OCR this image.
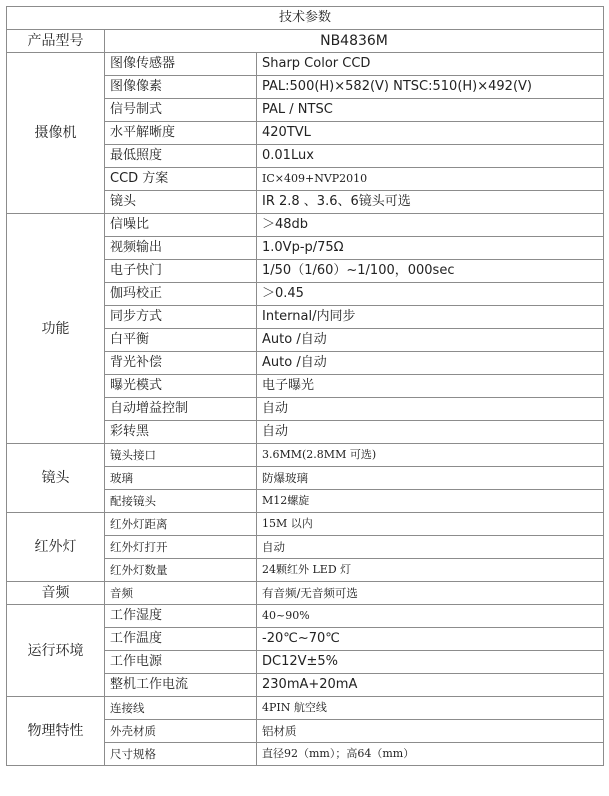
技术参数		
产品型号	NB4836M	
摄像机	图像传感器	Sharp Color CCD
	图像像素	PAL:500(H)×582(V) NTSC:510(H)×492(V)
	信号制式	PAL / NTSC
	水平解晰度	420TVL
	最低照度	0.01Lux
	CCD 方案	IC×409+NVP2010
	镜头	IR 2.8 、3.6、6镜头可选
功能	信噪比	＞48db
	视频输出	1.0Vp-p/75Ω
	电子快门	1/50（1/60）~1/100，000sec
	伽玛校正	＞0.45
	同步方式	Internal/内同步
	白平衡	Auto /自动
	背光补偿	Auto /自动
	曝光模式	电子曝光
	自动增益控制	自动
	彩转黑	自动
镜头	镜头接口	3.6MM(2.8MM 可选)
	玻璃	防爆玻璃
	配接镜头	M12螺旋
红外灯	红外灯距离	15M 以内
	红外灯打开	自动
	红外灯数量	24颗红外 LED 灯
音频	音频	有音频/无音频可选
运行环境	工作湿度	40~90%
	工作温度	-20℃~70℃
	工作电源	DC12V±5%
	整机工作电流	230mA+20mA
物理特性	连接线	4PIN 航空线
	外壳材质	铝材质
	尺寸规格	直径92（mm）；高64（mm）
